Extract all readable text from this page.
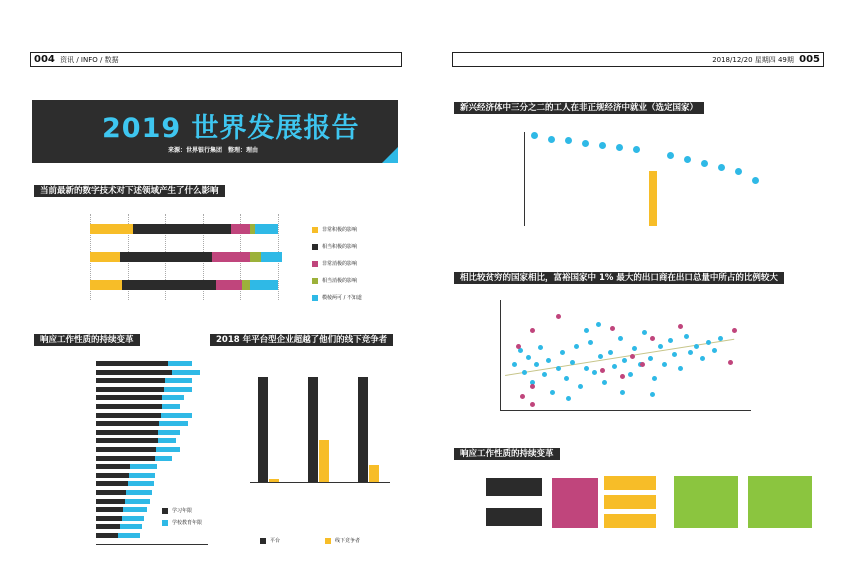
004 资讯 / INFO / 数据
2019 世界发展报告
来源：世界银行集团　整理：理由
当前最新的数字技术对下述领域产生了什么影响
非常积极的影响
相当积极的影响
非常消极的影响
相当消极的影响
模棱两可 / 不知道
响应工作性质的持续变革
学习年限
学校教育年限
2018 年平台型企业超越了他们的线下竞争者
平台	线下竞争者
2018/12/20 星期四 49期 005
新兴经济体中三分之二的工人在非正规经济中就业（选定国家）
相比较贫穷的国家相比，富裕国家中 1% 最大的出口商在出口总量中所占的比例较大
响应工作性质的持续变革
